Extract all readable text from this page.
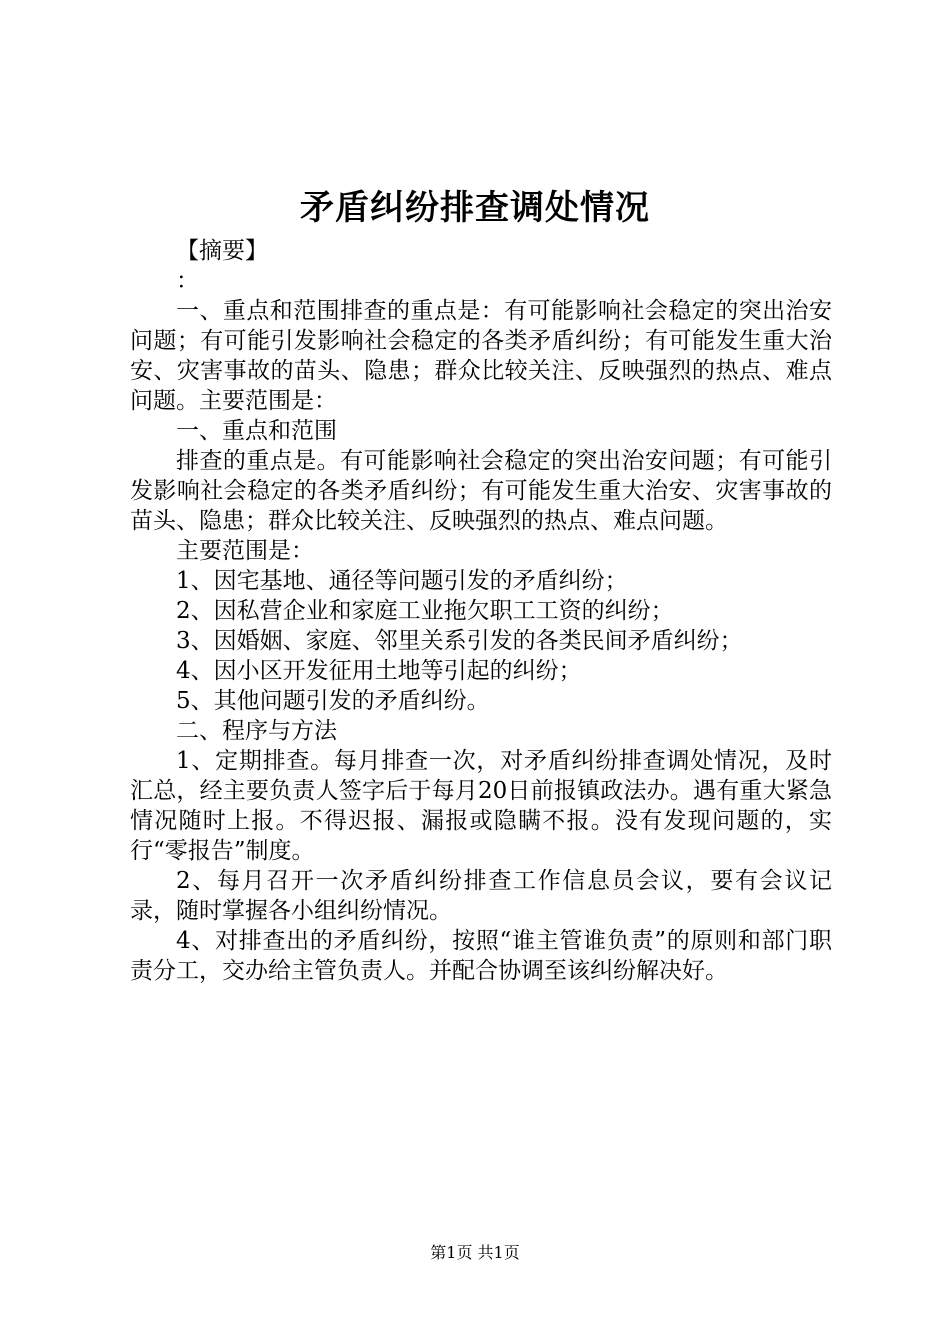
矛盾纠纷排查调处情况

【摘要】

：

一、重点和范围排查的重点是：有可能影响社会稳定的突出治安问题；有可能引发影响社会稳定的各类矛盾纠纷；有可能发生重大治安、灾害事故的苗头、隐患；群众比较关注、反映强烈的热点、难点问题。主要范围是：

一、重点和范围

排查的重点是。有可能影响社会稳定的突出治安问题；有可能引发影响社会稳定的各类矛盾纠纷；有可能发生重大治安、灾害事故的苗头、隐患；群众比较关注、反映强烈的热点、难点问题。

主要范围是：

1、因宅基地、通径等问题引发的矛盾纠纷；

2、因私营企业和家庭工业拖欠职工工资的纠纷；

3、因婚姻、家庭、邻里关系引发的各类民间矛盾纠纷；

4、因小区开发征用土地等引起的纠纷；

5、其他问题引发的矛盾纠纷。

二、程序与方法

1、定期排查。每月排查一次，对矛盾纠纷排查调处情况，及时汇总，经主要负责人签字后于每月20日前报镇政法办。遇有重大紧急情况随时上报。不得迟报、漏报或隐瞒不报。没有发现问题的，实行“零报告”制度。

2、每月召开一次矛盾纠纷排查工作信息员会议，要有会议记录，随时掌握各小组纠纷情况。

4、对排查出的矛盾纠纷，按照“谁主管谁负责”的原则和部门职责分工，交办给主管负责人。并配合协调至该纠纷解决好。

第1页 共1页
